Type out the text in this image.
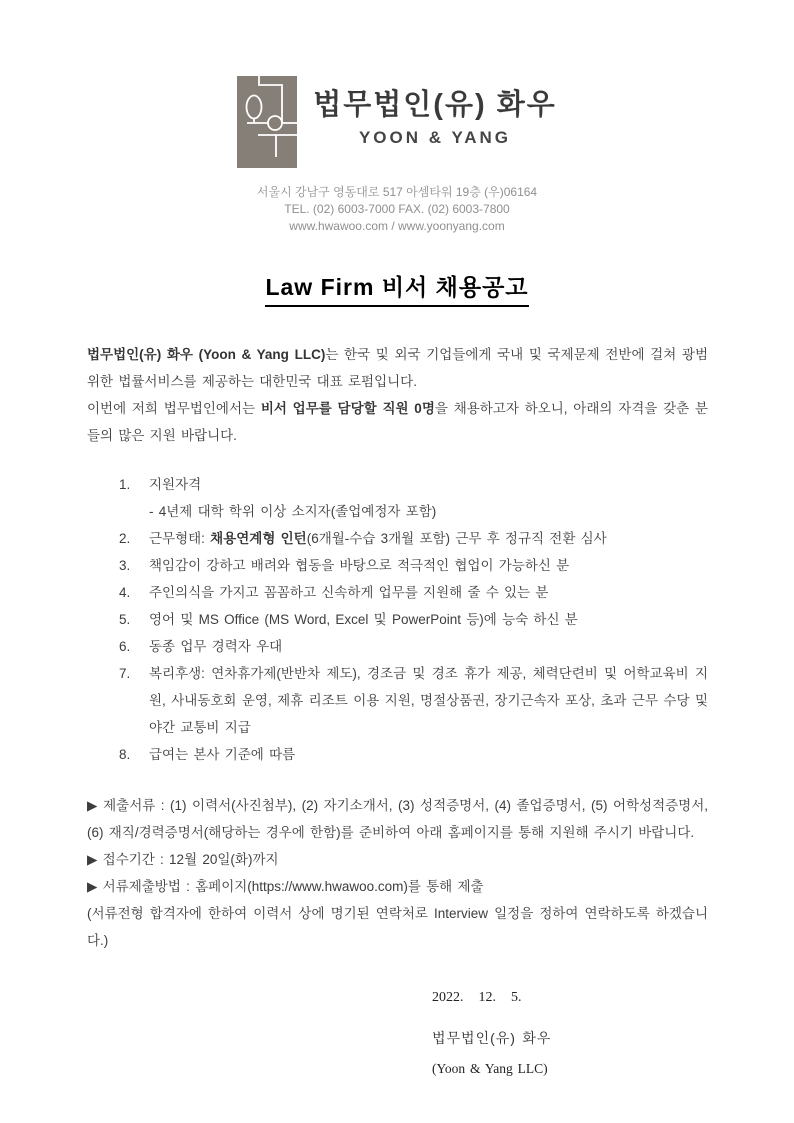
법무법인(유) 화우
YOON & YANG
서울시 강남구 영동대로 517 아셈타워 19층 (우)06164
TEL. (02) 6003-7000 FAX. (02) 6003-7800
www.hwawoo.com / www.yoonyang.com
Law Firm 비서 채용공고

법무법인(유) 화우 (Yoon & Yang LLC)는 한국 및 외국 기업들에게 국내 및 국제문제 전반에 걸쳐 광범위한 법률서비스를 제공하는 대한민국 대표 로펌입니다.

이번에 저희 법무법인에서는 비서 업무를 담당할 직원 0명을 채용하고자 하오니, 아래의 자격을 갖춘 분들의 많은 지원 바랍니다.

1.	지원자격
- 4년제 대학 학위 이상 소지자(졸업예정자 포함)
2.	근무형태: 채용연계형 인턴(6개월-수습 3개월 포함) 근무 후 정규직 전환 심사
3.	책임감이 강하고 배려와 협동을 바탕으로 적극적인 협업이 가능하신 분
4.	주인의식을 가지고 꼼꼼하고 신속하게 업무를 지원해 줄 수 있는 분
5.	영어 및 MS Office (MS Word, Excel 및 PowerPoint 등)에 능숙 하신 분
6.	동종 업무 경력자 우대
7.	복리후생: 연차휴가제(반반차 제도), 경조금 및 경조 휴가 제공, 체력단련비 및 어학교육비 지원, 사내동호회 운영, 제휴 리조트 이용 지원, 명절상품권, 장기근속자 포상, 초과 근무 수당 및 야간 교통비 지급
8.	급여는 본사 기준에 따름

▶ 제출서류 : (1) 이력서(사진첨부), (2) 자기소개서, (3) 성적증명서, (4) 졸업증명서, (5) 어학성적증명서, (6) 재직/경력증명서(해당하는 경우에 한함)를 준비하여 아래 홈페이지를 통해 지원해 주시기 바랍니다.

▶ 접수기간 : 12월 20일(화)까지

▶ 서류제출방법 : 홈페이지(https://www.hwawoo.com)를 통해 제출

(서류전형 합격자에 한하여 이력서 상에 명기된 연락처로 Interview 일정을 정하여 연락하도록 하겠습니다.)

2022.   12.   5.
법무법인(유) 화우
(Yoon & Yang LLC)
